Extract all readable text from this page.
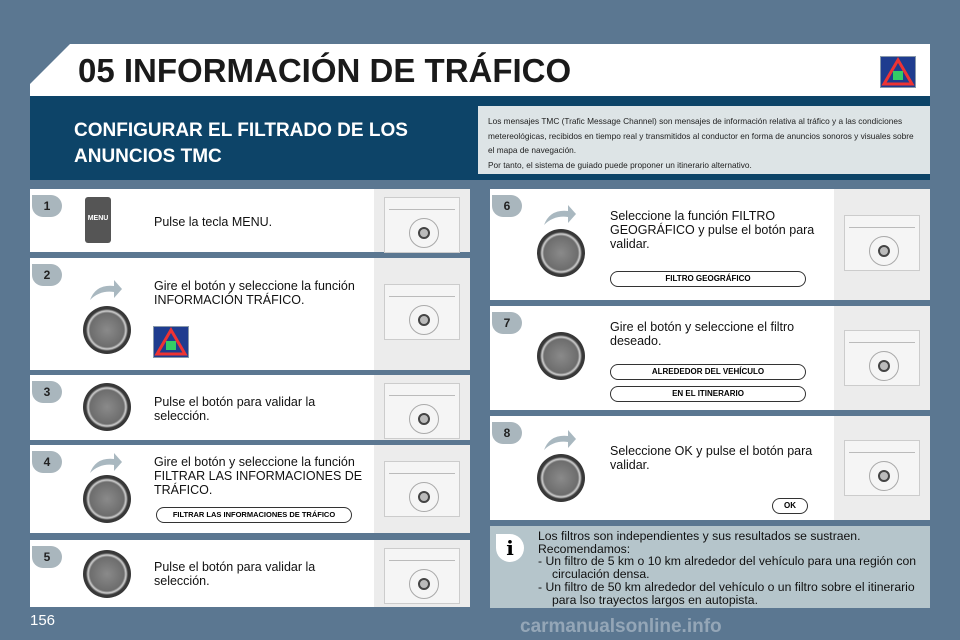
05 INFORMACIÓN DE TRÁFICO
CONFIGURAR EL FILTRADO DE LOS ANUNCIOS TMC
Los mensajes TMC (Trafic Message Channel) son mensajes de información relativa al tráfico y a las condiciones metereológicas, recibidos en tiempo real y transmitidos al conductor en forma de anuncios sonoros y visuales sobre el mapa de navegación.
Por tanto, el sistema de guiado puede proponer un itinerario alternativo.
1
MENU	Pulse la tecla MENU.
2
Gire el botón y seleccione la función INFORMACIÓN TRÁFICO.
3
Pulse el botón para validar la selección.
4	Gire el botón y seleccione la función FILTRAR LAS INFORMACIONES DE TRÁFICO.
FILTRAR LAS INFORMACIONES DE TRÁFICO
5
Pulse el botón para validar la selección.
6
Seleccione la función FILTRO GEOGRÁFICO y pulse el botón para validar.
FILTRO GEOGRÁFICO
7	Gire el botón y seleccione el filtro deseado.
ALREDEDOR DEL VEHÍCULO
EN EL ITINERARIO
8
Seleccione OK y pulse el botón para validar.
OK
i	Los filtros son independientes y sus resultados se sustraen.
Recomendamos:
- Un filtro de 5 km o 10 km alrededor del vehículo para una región con circulación densa.
- Un filtro de 50 km alrededor del vehículo o un filtro sobre el itinerario para lso trayectos largos en autopista.
156	carmanualsonline.info
